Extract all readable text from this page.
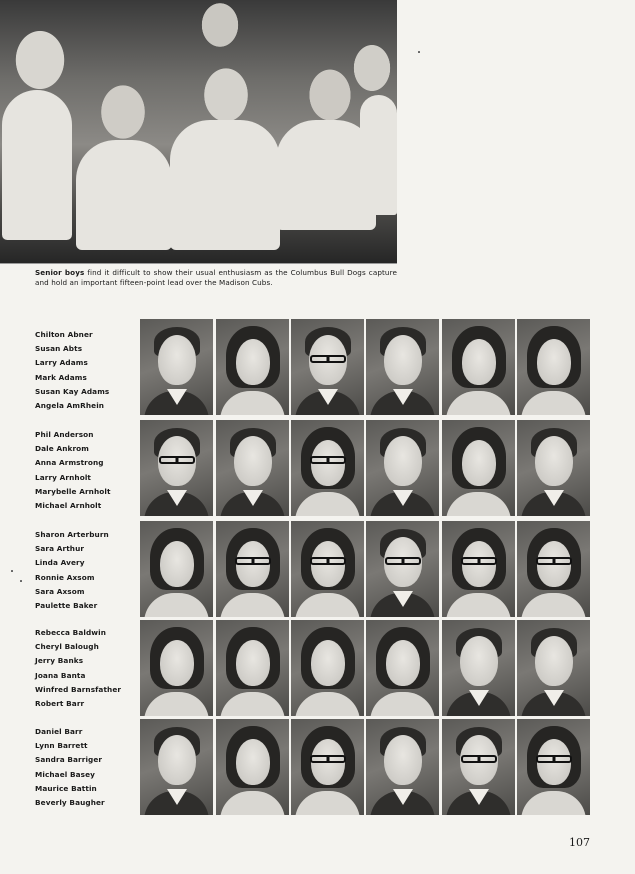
Senior boys find it difficult to show their usual enthusiasm as the Columbus Bull Dogs capture and hold an important fifteen-point lead over the Madison Cubs.
Chilton Abner
Susan Abts
Larry Adams
Mark Adams
Susan Kay Adams
Angela AmRhein
Phil Anderson
Dale Ankrom
Anna Armstrong
Larry Arnholt
Marybelle Arnholt
Michael Arnholt
Sharon Arterburn
Sara Arthur
Linda Avery
Ronnie Axsom
Sara Axsom
Paulette Baker
Rebecca Baldwin
Cheryl Balough
Jerry Banks
Joana Banta
Winfred Barnsfather
Robert Barr
Daniel Barr
Lynn Barrett
Sandra Barriger
Michael Basey
Maurice Battin
Beverly Baugher
107
